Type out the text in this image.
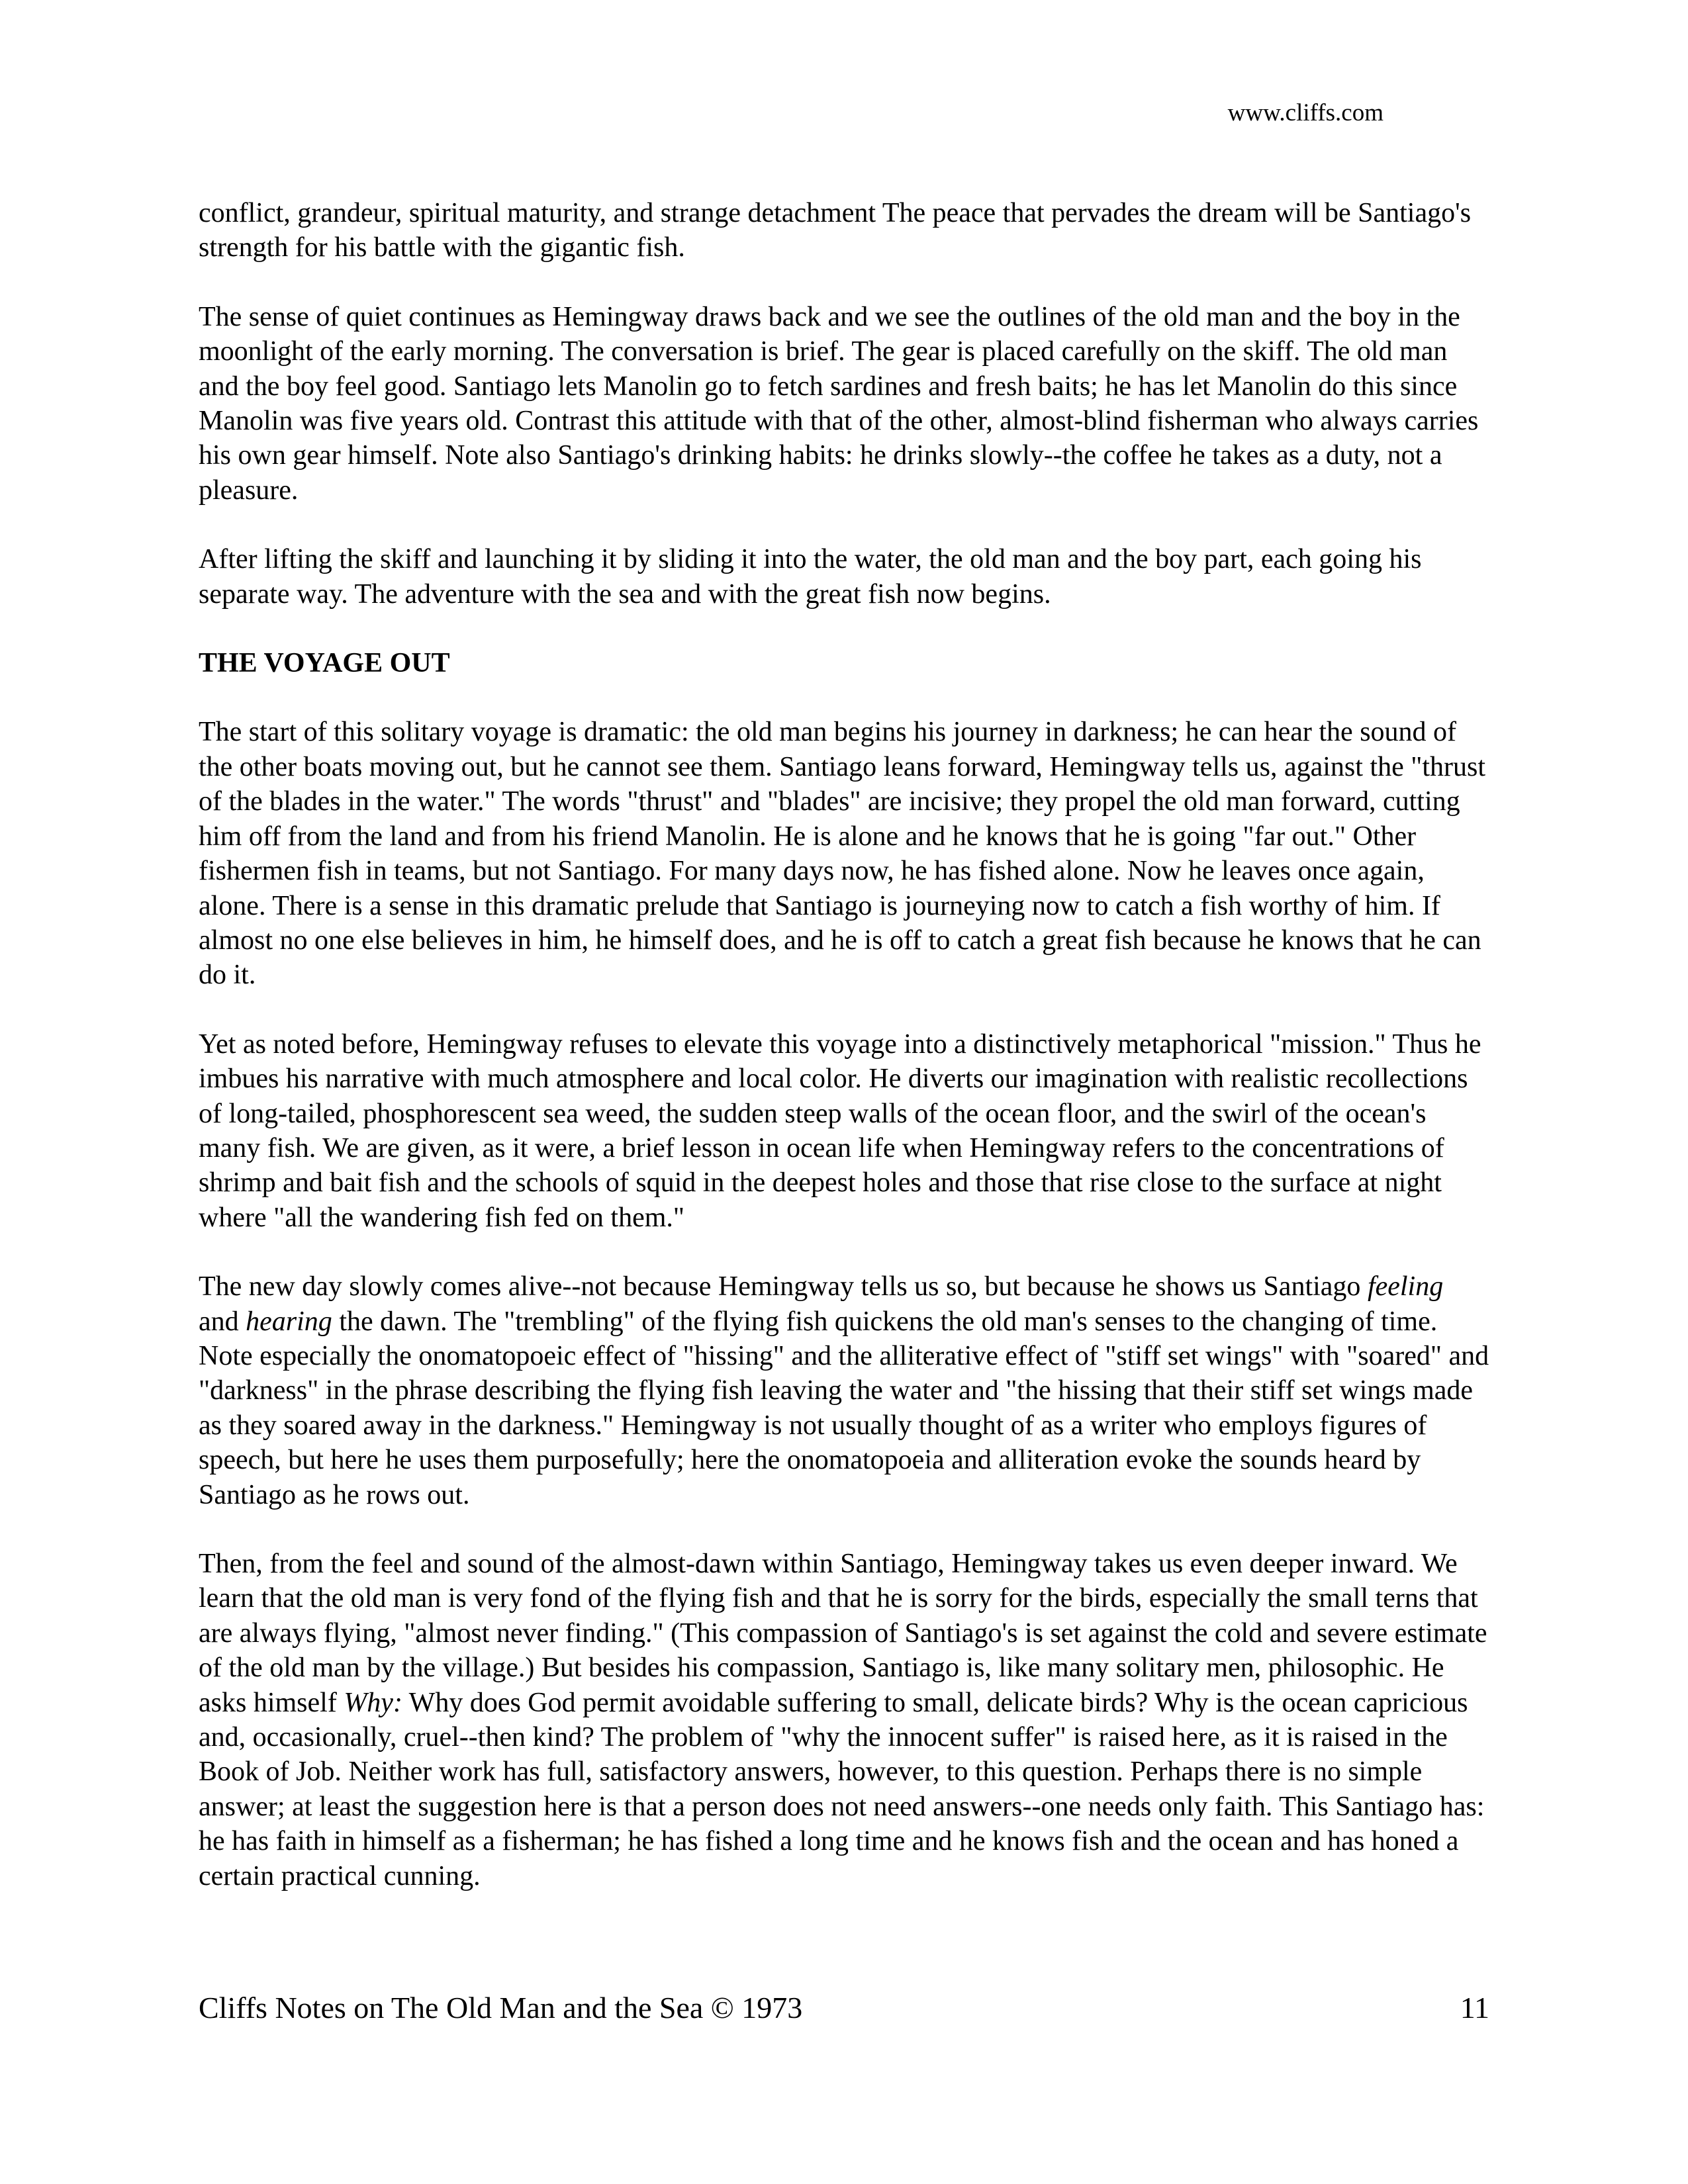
www.cliffs.com

conflict, grandeur, spiritual maturity, and strange detachment The peace that pervades the dream will be Santiago's strength for his battle with the gigantic fish.

The sense of quiet continues as Hemingway draws back and we see the outlines of the old man and the boy in the moonlight of the early morning. The conversation is brief. The gear is placed carefully on the skiff. The old man and the boy feel good. Santiago lets Manolin go to fetch sardines and fresh baits; he has let Manolin do this since Manolin was five years old. Contrast this attitude with that of the other, almost-blind fisherman who always carries his own gear himself. Note also Santiago's drinking habits: he drinks slowly--the coffee he takes as a duty, not a pleasure.

After lifting the skiff and launching it by sliding it into the water, the old man and the boy part, each going his separate way. The adventure with the sea and with the great fish now begins.

THE VOYAGE OUT

The start of this solitary voyage is dramatic: the old man begins his journey in darkness; he can hear the sound of the other boats moving out, but he cannot see them. Santiago leans forward, Hemingway tells us, against the "thrust of the blades in the water." The words "thrust" and "blades" are incisive; they propel the old man forward, cutting him off from the land and from his friend Manolin. He is alone and he knows that he is going "far out." Other fishermen fish in teams, but not Santiago. For many days now, he has fished alone. Now he leaves once again, alone. There is a sense in this dramatic prelude that Santiago is journeying now to catch a fish worthy of him. If almost no one else believes in him, he himself does, and he is off to catch a great fish because he knows that he can do it.

Yet as noted before, Hemingway refuses to elevate this voyage into a distinctively metaphorical "mission." Thus he imbues his narrative with much atmosphere and local color. He diverts our imagination with realistic recollections of long-tailed, phosphorescent sea weed, the sudden steep walls of the ocean floor, and the swirl of the ocean's many fish. We are given, as it were, a brief lesson in ocean life when Hemingway refers to the concentrations of shrimp and bait fish and the schools of squid in the deepest holes and those that rise close to the surface at night where "all the wandering fish fed on them."

The new day slowly comes alive--not because Hemingway tells us so, but because he shows us Santiago feeling and hearing the dawn. The "trembling" of the flying fish quickens the old man's senses to the changing of time. Note especially the onomatopoeic effect of "hissing" and the alliterative effect of "stiff set wings" with "soared" and "darkness" in the phrase describing the flying fish leaving the water and "the hissing that their stiff set wings made as they soared away in the darkness." Hemingway is not usually thought of as a writer who employs figures of speech, but here he uses them purposefully; here the onomatopoeia and alliteration evoke the sounds heard by Santiago as he rows out.

Then, from the feel and sound of the almost-dawn within Santiago, Hemingway takes us even deeper inward. We learn that the old man is very fond of the flying fish and that he is sorry for the birds, especially the small terns that are always flying, "almost never finding." (This compassion of Santiago's is set against the cold and severe estimate of the old man by the village.) But besides his compassion, Santiago is, like many solitary men, philosophic. He asks himself Why: Why does God permit avoidable suffering to small, delicate birds? Why is the ocean capricious and, occasionally, cruel--then kind? The problem of "why the innocent suffer" is raised here, as it is raised in the Book of Job. Neither work has full, satisfactory answers, however, to this question. Perhaps there is no simple answer; at least the suggestion here is that a person does not need answers--one needs only faith. This Santiago has: he has faith in himself as a fisherman; he has fished a long time and he knows fish and the ocean and has honed a certain practical cunning.

Cliffs Notes on The Old Man and the Sea © 1973	11
